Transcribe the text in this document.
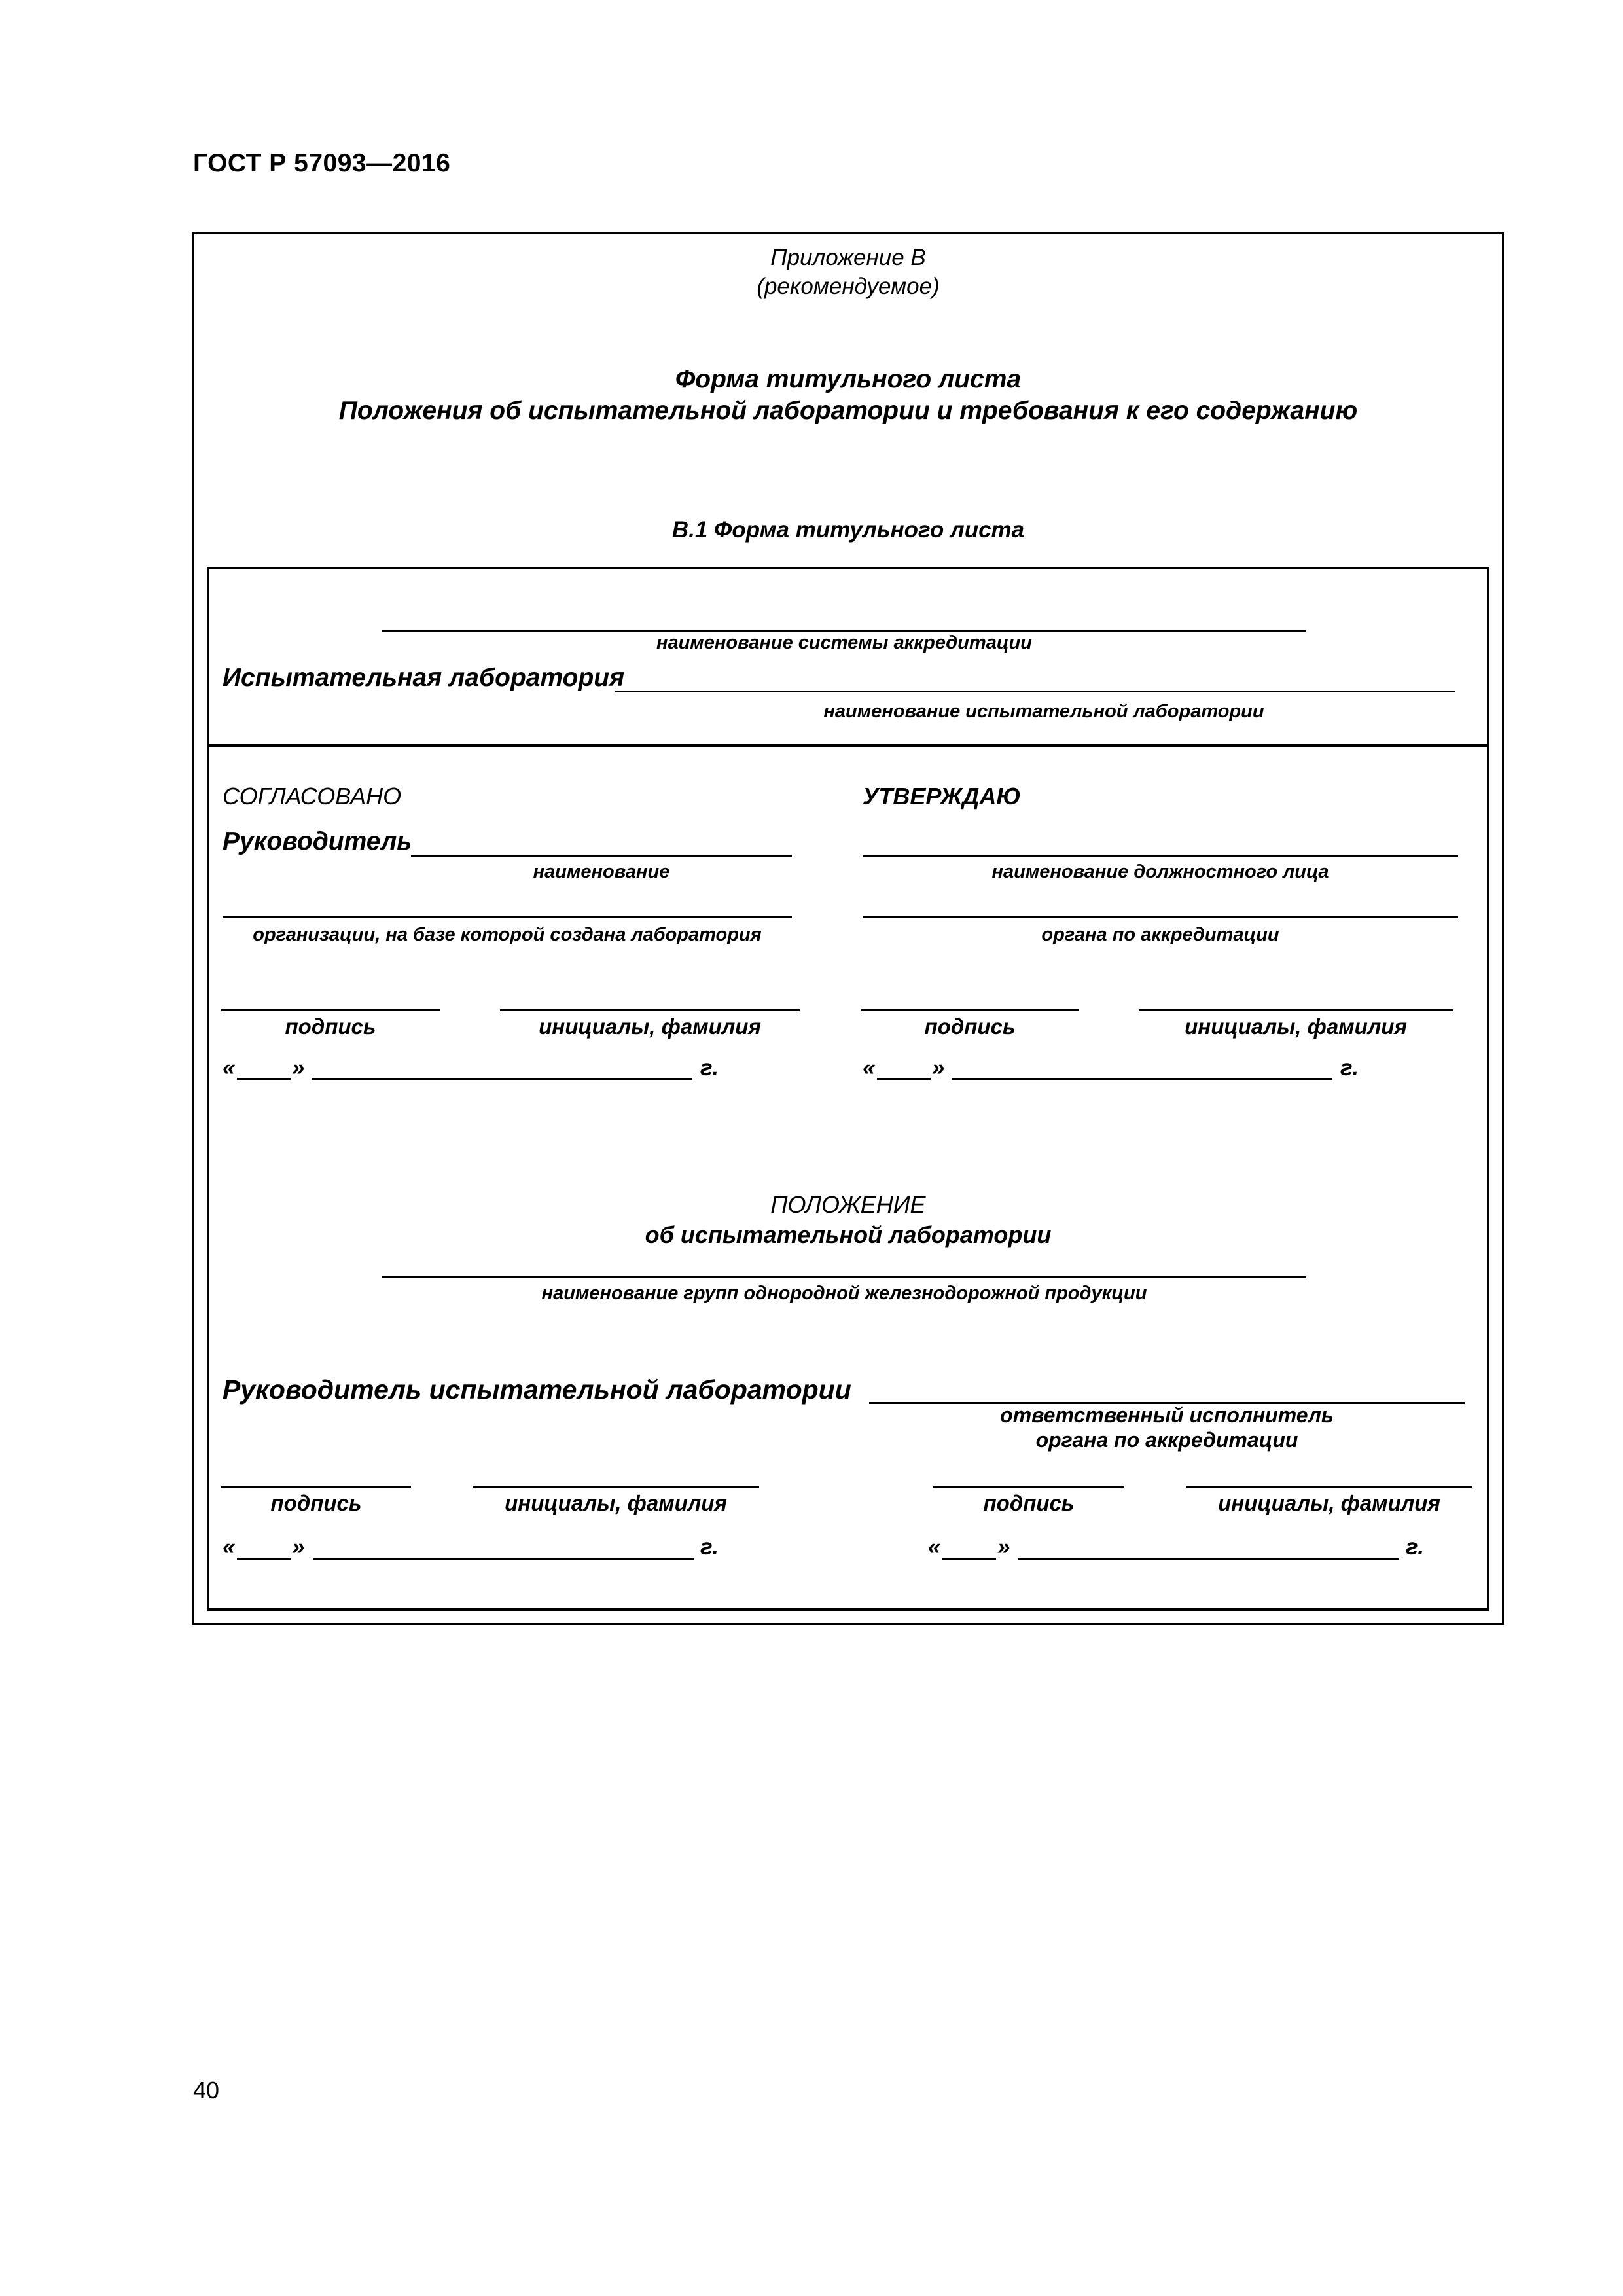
ГОСТ Р 57093—2016
Приложение В
(рекомендуемое)
Форма титульного листа
Положения об испытательной лаборатории и требования к его содержанию
В.1 Форма титульного листа
наименование системы аккредитации
Испытательная лаборатория
наименование испытательной лаборатории
СОГЛАСОВАНО
Руководитель
наименование
организации, на базе которой создана лаборатория
подпись	инициалы, фамилия
« »	г.
УТВЕРЖДАЮ
наименование должностного лица
органа по аккредитации
подпись	инициалы, фамилия
« »	г.
ПОЛОЖЕНИЕ
об испытательной лаборатории
наименование групп однородной железнодорожной продукции
Руководитель испытательной лаборатории
ответственный исполнитель
органа по аккредитации
подпись	инициалы, фамилия	подпись	инициалы, фамилия
« »	г.	« »	г.
40
